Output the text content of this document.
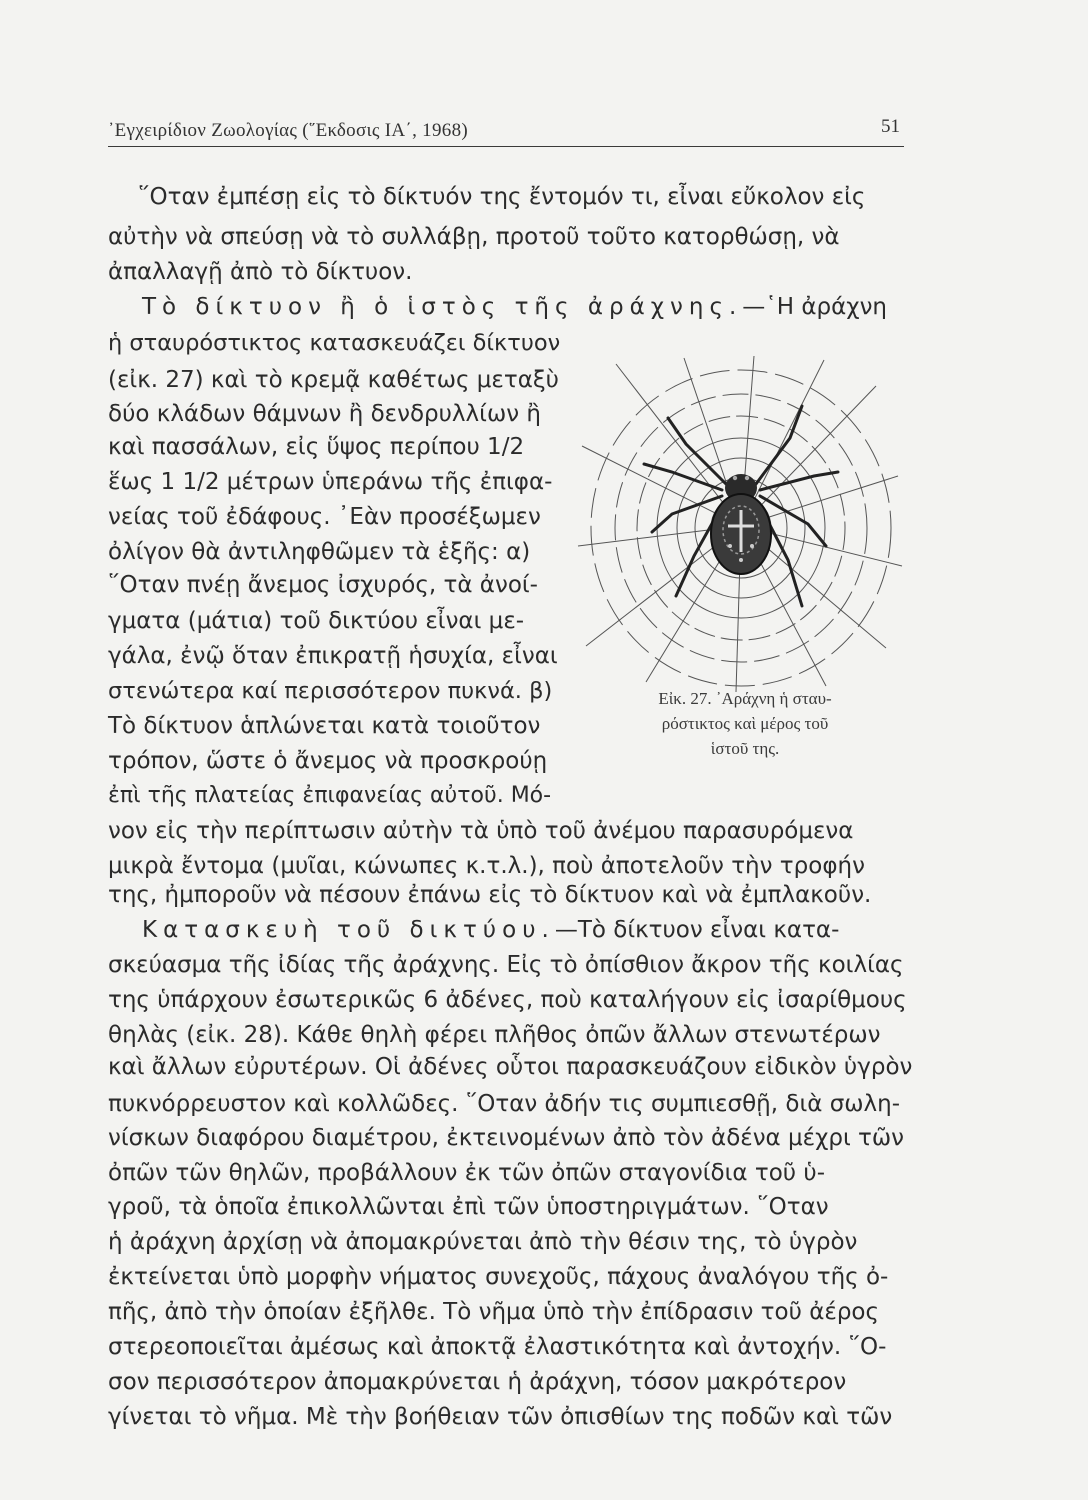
᾿Εγχειρίδιον Ζωολογίας (῞Εκδοσις ΙΑ΄, 1968)	51
῞Οταν ἐμπέσῃ εἰς τὸ δίκτυόν της ἔντομόν τι, εἶναι εὔκολον εἰς
αὐτὴν νὰ σπεύσῃ νὰ τὸ συλλάβῃ, προτοῦ τοῦτο κατορθώσῃ, νὰ
ἀπαλλαγῇ ἀπὸ τὸ δίκτυον.
Τὸ δίκτυον ἢ ὁ ἱστὸς τῆς ἀράχνης.—῾Η ἀράχνη
ἡ σταυρόστικτος κατασκευάζει δίκτυον
(εἰκ. 27) καὶ τὸ κρεμᾷ καθέτως μεταξὺ
δύο κλάδων θάμνων ἢ δενδρυλλίων ἢ
καὶ πασσάλων, εἰς ὕψος περίπου 1/2
ἕως 1 1/2 μέτρων ὑπεράνω τῆς ἐπιφα-
νείας τοῦ ἐδάφους. ᾿Εὰν προσέξωμεν
ὀλίγον θὰ ἀντιληφθῶμεν τὰ ἑξῆς: α)
῞Οταν πνέῃ ἄνεμος ἰσχυρός, τὰ ἀνοί-
γματα (μάτια) τοῦ δικτύου εἶναι με-
γάλα, ἐνῷ ὅταν ἐπικρατῇ ἡσυχία, εἶναι
στενώτερα καί περισσότερον πυκνά. β)
Τὸ δίκτυον ἁπλώνεται κατὰ τοιοῦτον
τρόπον, ὥστε ὁ ἄνεμος νὰ προσκρούῃ
ἐπὶ τῆς πλατείας ἐπιφανείας αὐτοῦ. Μό-
Εἰκ. 27. ᾿Αράχνη ἡ σταυ-
ρόστικτος καὶ μέρος τοῦ
ἱστοῦ της.
νον εἰς τὴν περίπτωσιν αὐτὴν τὰ ὑπὸ τοῦ ἀνέμου παρασυρόμενα
μικρὰ ἔντομα (μυῖαι, κώνωπες κ.τ.λ.), ποὺ ἀποτελοῦν τὴν τροφήν
της, ἠμποροῦν νὰ πέσουν ἐπάνω εἰς τὸ δίκτυον καὶ νὰ ἐμπλακοῦν.
Κατασκευὴ τοῦ δικτύου.—Τὸ δίκτυον εἶναι κατα-
σκεύασμα τῆς ἰδίας τῆς ἀράχνης. Εἰς τὸ ὀπίσθιον ἄκρον τῆς κοιλίας
της ὑπάρχουν ἐσωτερικῶς 6 ἀδένες, ποὺ καταλήγουν εἰς ἰσαρίθμους
θηλὰς (εἰκ. 28). Κάθε θηλὴ φέρει πλῆθος ὀπῶν ἄλλων στενωτέρων
καὶ ἄλλων εὐρυτέρων. Οἱ ἀδένες οὗτοι παρασκευάζουν εἰδικὸν ὑγρὸν
πυκνόρρευστον καὶ κολλῶδες. ῞Οταν ἀδήν τις συμπιεσθῇ, διὰ σωλη-
νίσκων διαφόρου διαμέτρου, ἐκτεινομένων ἀπὸ τὸν ἀδένα μέχρι τῶν
ὀπῶν τῶν θηλῶν, προβάλλουν ἐκ τῶν ὀπῶν σταγονίδια τοῦ ὑ-
γροῦ, τὰ ὁποῖα ἐπικολλῶνται ἐπὶ τῶν ὑποστηριγμάτων. ῞Οταν
ἡ ἀράχνη ἀρχίσῃ νὰ ἀπομακρύνεται ἀπὸ τὴν θέσιν της, τὸ ὑγρὸν
ἐκτείνεται ὑπὸ μορφὴν νήματος συνεχοῦς, πάχους ἀναλόγου τῆς ὀ-
πῆς, ἀπὸ τὴν ὁποίαν ἐξῆλθε. Τὸ νῆμα ὑπὸ τὴν ἐπίδρασιν τοῦ ἀέρος
στερεοποιεῖται ἀμέσως καὶ ἀποκτᾷ ἐλαστικότητα καὶ ἀντοχήν. ῞Ο-
σον περισσότερον ἀπομακρύνεται ἡ ἀράχνη, τόσον μακρότερον
γίνεται τὸ νῆμα. Μὲ τὴν βοήθειαν τῶν ὀπισθίων της ποδῶν καὶ τῶν
